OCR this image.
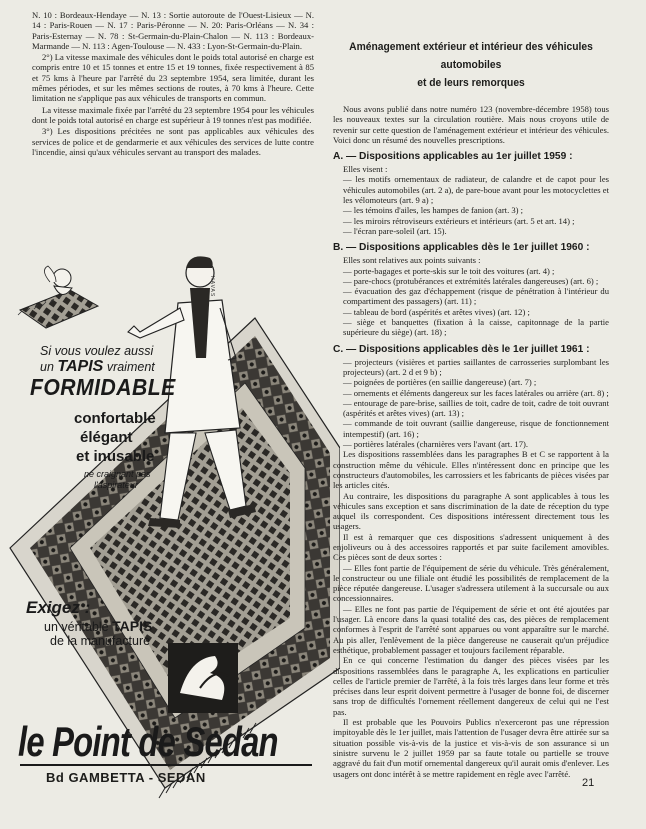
N. 10 : Bordeaux-Hendaye — N. 13 : Sortie autoroute de l'Ouest-Lisieux — N. 14 : Paris-Rouen — N. 17 : Paris-Péronne — N. 20: Paris-Orléans — N. 34 : Paris-Esternay — N. 78 : St-Germain-du-Plain-Chalon — N. 113 : Bordeaux-Marmande — N. 113 : Agen-Toulouse — N. 433 : Lyon-St-Germain-du-Plain.

2°) La vitesse maximale des véhicules dont le poids total autorisé en charge est compris entre 10 et 15 tonnes et entre 15 et 19 tonnes, fixée respectivement à 85 et 75 kms à l'heure par l'arrêté du 23 septembre 1954, sera limitée, durant les mêmes périodes, et sur les mêmes sections de routes, à 70 kms à l'heure. Cette limitation ne s'applique pas aux véhicules de transports en commun.

La vitesse maximale fixée par l'arrêté du 23 septembre 1954 pour les véhicules dont le poids total autorisé en charge est supérieur à 19 tonnes n'est pas modifiée.

3°) Les dispositions précitées ne sont pas applicables aux véhicules des services de police et de gendarmerie et aux véhicules des services de lutte contre l'incendie, ainsi qu'aux véhicules servant au transport des malades.

HAVAS
Si vous voulez aussi
un TAPIS vraiment
FORMIDABLE
confortable
élégant
et inusable
ne craignant pas
l'aspirateur
Exigez :
un véritable TAPIS
de la manufacture
le Point de Sedan
Bd GAMBETTA - SEDAN
Aménagement extérieur et intérieur des véhicules automobiles
et de leurs remorques

Nous avons publié dans notre numéro 123 (novembre-décembre 1958) tous les nouveaux textes sur la circulation routière. Mais nous croyons utile de revenir sur cette question de l'aménagement extérieur et intérieur des véhicules. Voici donc un résumé des nouvelles prescriptions.

A. — Dispositions applicables au 1er juillet 1959 :

Elles visent :

— les motifs ornementaux de radiateur, de calandre et de capot pour les véhicules automobiles (art. 2 a), de pare-boue avant pour les motocyclettes et les vélomoteurs (art. 9 a) ;

— les témoins d'ailes, les hampes de fanion (art. 3) ;

— les miroirs rétroviseurs extérieurs et intérieurs (art. 5 et art. 14) ;

— l'écran pare-soleil (art. 15).

B. — Dispositions applicables dès le 1er juillet 1960 :

Elles sont relatives aux points suivants :

— porte-bagages et porte-skis sur le toit des voitures (art. 4) ;

— pare-chocs (protubérances et extrémités latérales dangereuses) (art. 6) ;

— évacuation des gaz d'échappement (risque de pénétration à l'intérieur du compartiment des passagers) (art. 11) ;

— tableau de bord (aspérités et arêtes vives) (art. 12) ;

— siège et banquettes (fixation à la caisse, capitonnage de la partie supérieure du siège) (art. 18) ;

C. — Dispositions applicables dès le 1er juillet 1961 :

— projecteurs (visières et parties saillantes de carrosseries surplombant les projecteurs) (art. 2 d et 9 b) ;

— poignées de portières (en saillie dangereuse) (art. 7) ;

— ornements et éléments dangereux sur les faces latérales ou arrière (art. 8) ;

— entourage de pare-brise, saillies de toit, cadre de toit, cadre de toit ouvrant (aspérités et arêtes vives) (art. 13) ;

— commande de toit ouvrant (saillie dangereuse, risque de fonctionnement intempestif) (art. 16) ;

— portières latérales (charnières vers l'avant (art. 17).

Les dispositions rassemblées dans les paragraphes B et C se rapportent à la construction même du véhicule. Elles n'intéressent donc en principe que les constructeurs d'automobiles, les carrossiers et les fabricants de pièces visées par les articles cités.

Au contraire, les dispositions du paragraphe A sont applicables à tous les véhicules sans exception et sans discrimination de la date de réception du type auquel ils correspondent. Ces dispositions intéressent directement tous les usagers.

Il est à remarquer que ces dispositions s'adressent uniquement à des enjoliveurs ou à des accessoires rapportés et par suite facilement amovibles. Ces pièces sont de deux sortes :

— Elles font partie de l'équipement de série du véhicule. Très généralement, le constructeur ou une filiale ont étudié les possibilités de remplacement de la pièce réputée dangereuse. L'usager s'adressera utilement à la succursale ou aux concessionnaires.

— Elles ne font pas partie de l'équipement de série et ont été ajoutées par l'usager. Là encore dans la quasi totalité des cas, des pièces de remplacement conformes à l'esprit de l'arrêté sont apparues ou vont apparaître sur le marché. Au pis aller, l'enlèvement de la pièce dangereuse ne causerait qu'un préjudice esthétique, probablement passager et toujours facilement réparable.

En ce qui concerne l'estimation du danger des pièces visées par les dispositions rassemblées dans le paragraphe A, les explications en particulier celles de l'article premier de l'arrêté, à la fois très larges dans leur forme et très précises dans leur esprit doivent permettre à l'usager de bonne foi, de discerner sans trop de difficultés l'ornement réellement dangereux de celui qui ne l'est pas.

Il est probable que les Pouvoirs Publics n'exerceront pas une répression impitoyable dès le 1er juillet, mais l'attention de l'usager devra être attirée sur sa situation possible vis-à-vis de la justice et vis-à-vis de son assurance si un sinistre survenu le 2 juillet 1959 par sa faute totale ou partielle se trouve aggravé du fait d'un motif ornemental dangereux qu'il aurait omis d'enlever. Les usagers ont donc intérêt à se mettre rapidement en règle avec l'arrêté.

21
